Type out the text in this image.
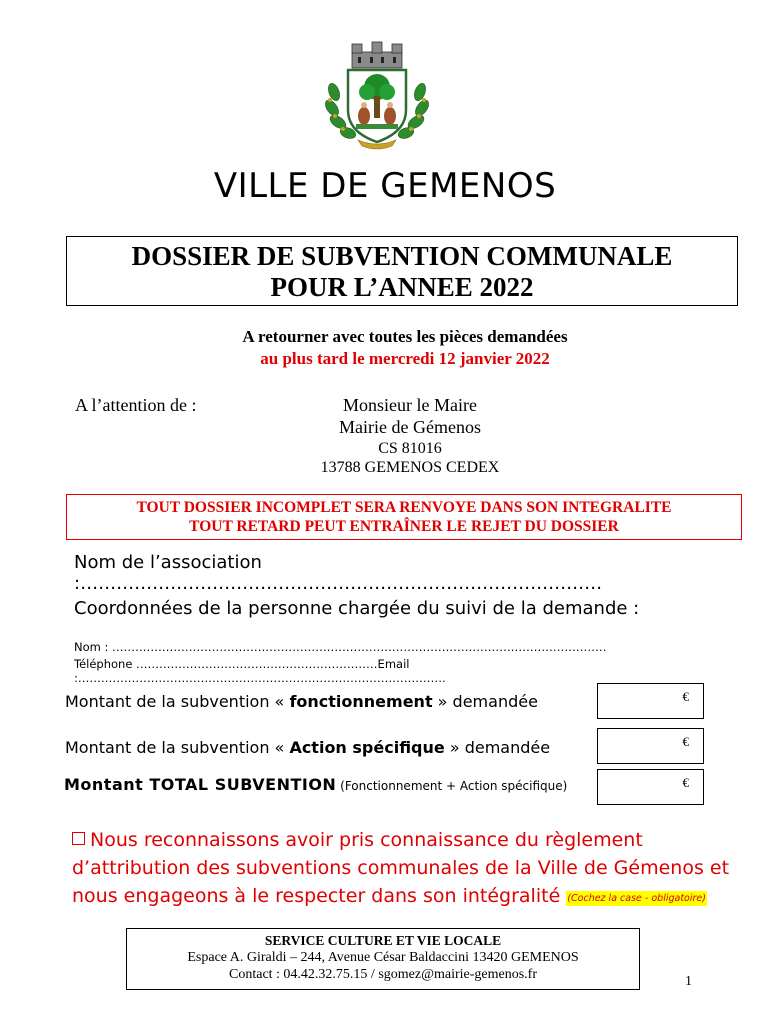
VILLE DE GEMENOS
DOSSIER DE SUBVENTION COMMUNALE
POUR L’ANNEE 2022
A retourner avec toutes les pièces demandées
au plus tard le mercredi 12 janvier 2022
A l’attention de :	Monsieur le Maire
Mairie de Gémenos
CS 81016
13788 GEMENOS CEDEX
TOUT DOSSIER INCOMPLET SERA RENVOYE DANS SON INTEGRALITE
TOUT RETARD PEUT ENTRAÎNER LE REJET DU DOSSIER
Nom de l’association :……………………………………………………………………………
Coordonnées de la personne chargée du suivi de la demande :
Nom : …………………………………………………………………………………………………………………
Téléphone ………………………………………………………Email :……………………………………………………………………………………
Montant de la subvention « fonctionnement » demandée	€
Montant de la subvention « Action spécifique » demandée	€
Montant TOTAL SUBVENTION (Fonctionnement + Action spécifique)	€
Nous reconnaissons avoir pris connaissance du règlement d’attribution des subventions communales de la Ville de Gémenos et nous engageons à le respecter dans son intégralité (Cochez la case - obligatoire)
SERVICE CULTURE ET VIE LOCALE
Espace A. Giraldi – 244, Avenue César Baldaccini 13420 GEMENOS
Contact : 04.42.32.75.15 / sgomez@mairie-gemenos.fr	1
